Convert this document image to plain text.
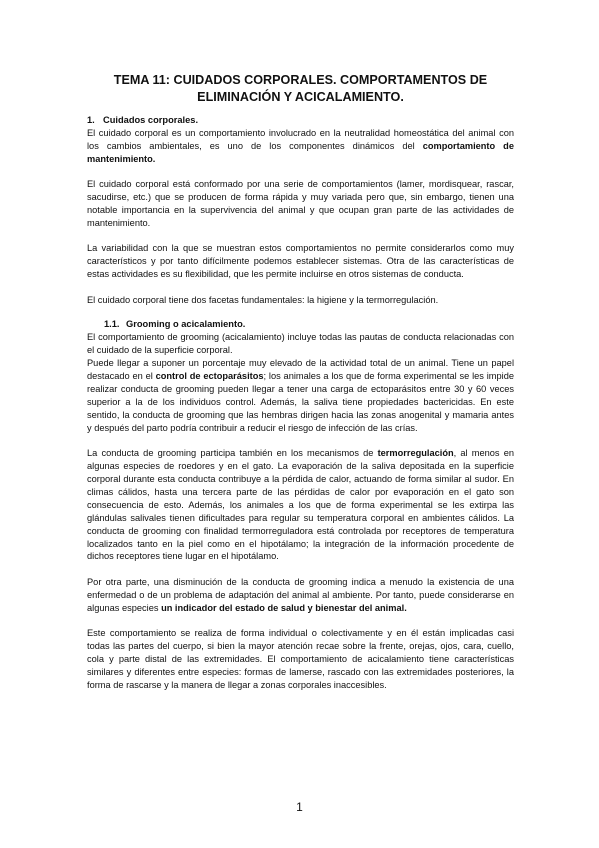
TEMA 11: CUIDADOS CORPORALES. COMPORTAMENTOS DE
ELIMINACIÓN Y ACICALAMIENTO.
1. Cuidados corporales.

El cuidado corporal es un comportamiento involucrado en la neutralidad homeostática del animal con los cambios ambientales, es uno de los componentes dinámicos del comportamiento de mantenimiento.

El cuidado corporal está conformado por una serie de comportamientos (lamer, mordisquear, rascar, sacudirse, etc.) que se producen de forma rápida y muy variada pero que, sin embargo, tienen una notable importancia en la supervivencia del animal y que ocupan gran parte de las actividades de mantenimiento.

La variabilidad con la que se muestran estos comportamientos no permite considerarlos como muy característicos y por tanto difícilmente podemos establecer sistemas. Otra de las características de estas actividades es su flexibilidad, que les permite incluirse en otros sistemas de conducta.

El cuidado corporal tiene dos facetas fundamentales: la higiene y la termorregulación.

1.1. Grooming o acicalamiento.

El comportamiento de grooming (acicalamiento) incluye todas las pautas de conducta relacionadas con el cuidado de la superficie corporal.

Puede llegar a suponer un porcentaje muy elevado de la actividad total de un animal. Tiene un papel destacado en el control de ectoparásitos; los animales a los que de forma experimental se les impide realizar conducta de grooming pueden llegar a tener una carga de ectoparásitos entre 30 y 60 veces superior a la de los individuos control. Además, la saliva tiene propiedades bactericidas. En este sentido, la conducta de grooming que las hembras dirigen hacia las zonas anogenital y mamaria antes y después del parto podría contribuir a reducir el riesgo de infección de las crías.

La conducta de grooming participa también en los mecanismos de termorregulación, al menos en algunas especies de roedores y en el gato. La evaporación de la saliva depositada en la superficie corporal durante esta conducta contribuye a la pérdida de calor, actuando de forma similar al sudor. En climas cálidos, hasta una tercera parte de las pérdidas de calor por evaporación en el gato son consecuencia de esto. Además, los animales a los que de forma experimental se les extirpa las glándulas salivales tienen dificultades para regular su temperatura corporal en ambientes cálidos. La conducta de grooming con finalidad termorreguladora está controlada por receptores de temperatura localizados tanto en la piel como en el hipotálamo; la integración de la información procedente de dichos receptores tiene lugar en el hipotálamo.

Por otra parte, una disminución de la conducta de grooming indica a menudo la existencia de una enfermedad o de un problema de adaptación del animal al ambiente. Por tanto, puede considerarse en algunas especies un indicador del estado de salud y bienestar del animal.

Este comportamiento se realiza de forma individual o colectivamente y en él están implicadas casi todas las partes del cuerpo, si bien la mayor atención recae sobre la frente, orejas, ojos, cara, cuello, cola y parte distal de las extremidades. El comportamiento de acicalamiento tiene características similares y diferentes entre especies: formas de lamerse, rascado con las extremidades posteriores, la forma de rascarse y la manera de llegar a zonas corporales inaccesibles.

1
